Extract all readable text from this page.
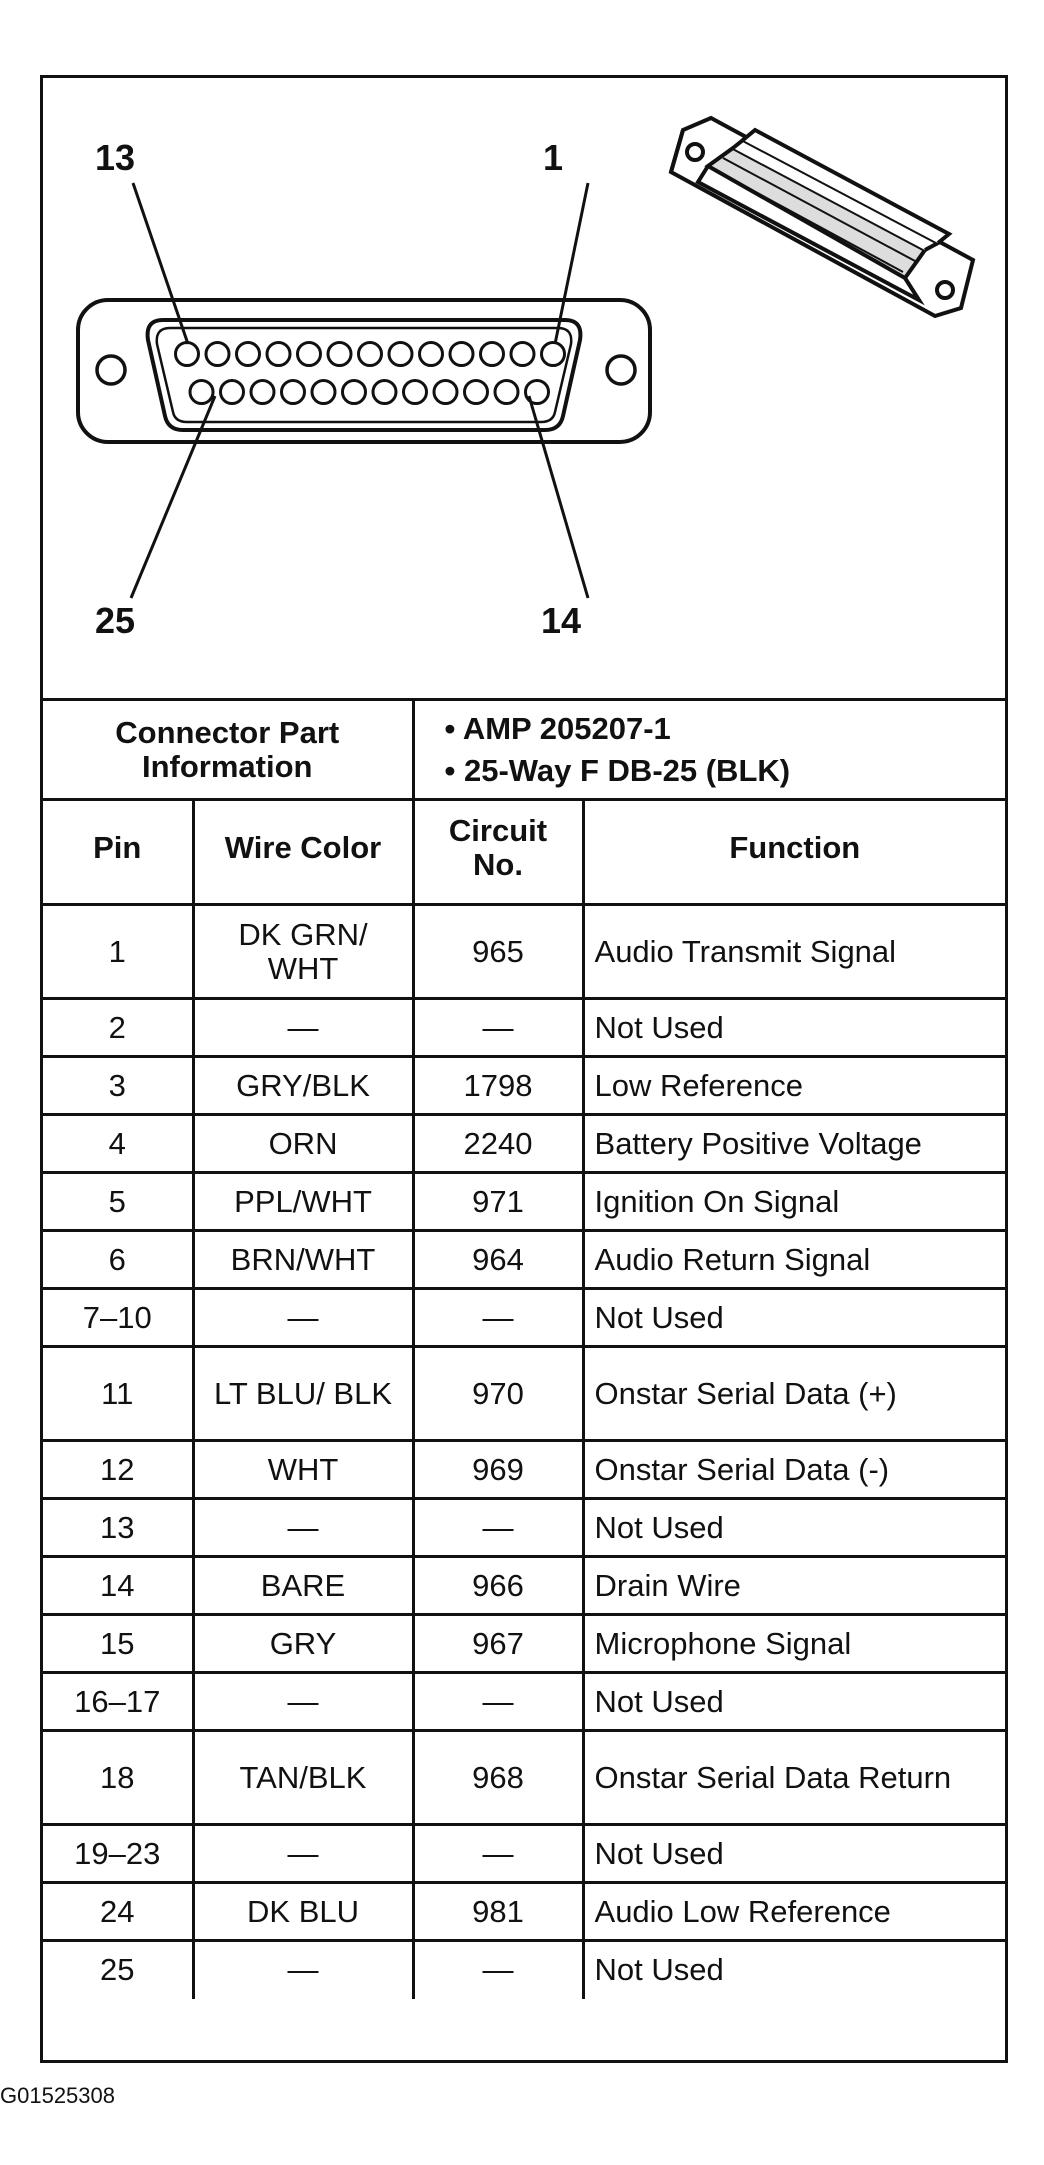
13	1
25	14
Connector Part Information		• AMP 205207-1
• 25-Way F DB-25 (BLK)	

Pin	Wire Color	Circuit No.	Function
1	DK GRN/ WHT	965	Audio Transmit Signal
2	—	—	Not Used
3	GRY/BLK	1798	Low Reference
4	ORN	2240	Battery Positive Voltage
5	PPL/WHT	971	Ignition On Signal
6	BRN/WHT	964	Audio Return Signal
7–10	—	—	Not Used
11	LT BLU/ BLK	970	Onstar Serial Data (+)
12	WHT	969	Onstar Serial Data (-)
13	—	—	Not Used
14	BARE	966	Drain Wire
15	GRY	967	Microphone Signal
16–17	—	—	Not Used
18	TAN/BLK	968	Onstar Serial Data Return
19–23	—	—	Not Used
24	DK BLU	981	Audio Low Reference
25	—	—	Not Used
G01525308
